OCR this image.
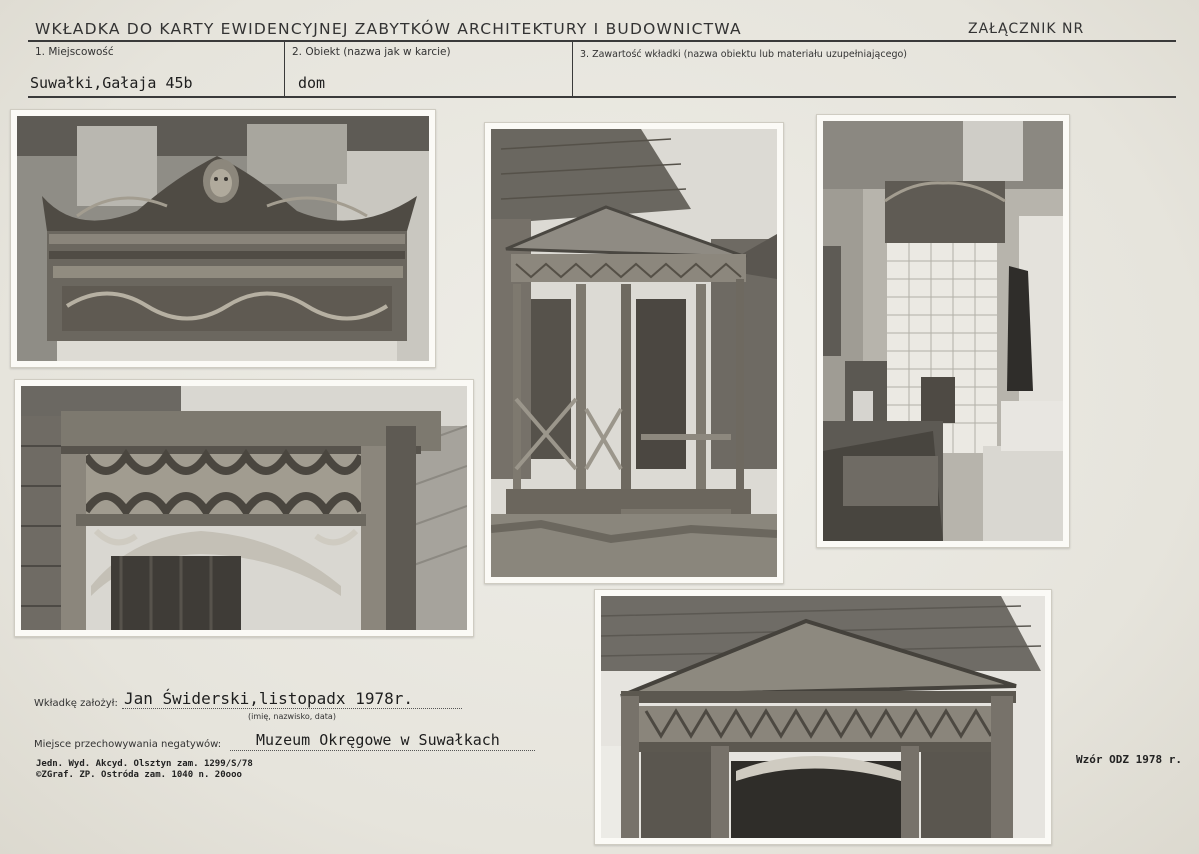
WKŁADKA DO KARTY EWIDENCYJNEJ ZABYTKÓW ARCHITEKTURY I BUDOWNICTWA	ZAŁĄCZNIK NR
1. Miejscowość
Suwałki,Gałaja 45b
2. Obiekt (nazwa jak w karcie)
dom
3. Zawartość wkładki (nazwa obiektu lub materiału uzupełniającego)
Wkładkę założył: Jan Świderski,listopadx 1978r.
(imię, nazwisko, data)
Miejsce przechowywania negatywów: Muzeum Okręgowe w Suwałkach
Jedn. Wyd. Akcyd. Olsztyn zam. 1299/S/78
©ZGraf. ZP. Ostróda zam. 1040 n. 20ooo
Wzór ODZ 1978 r.
